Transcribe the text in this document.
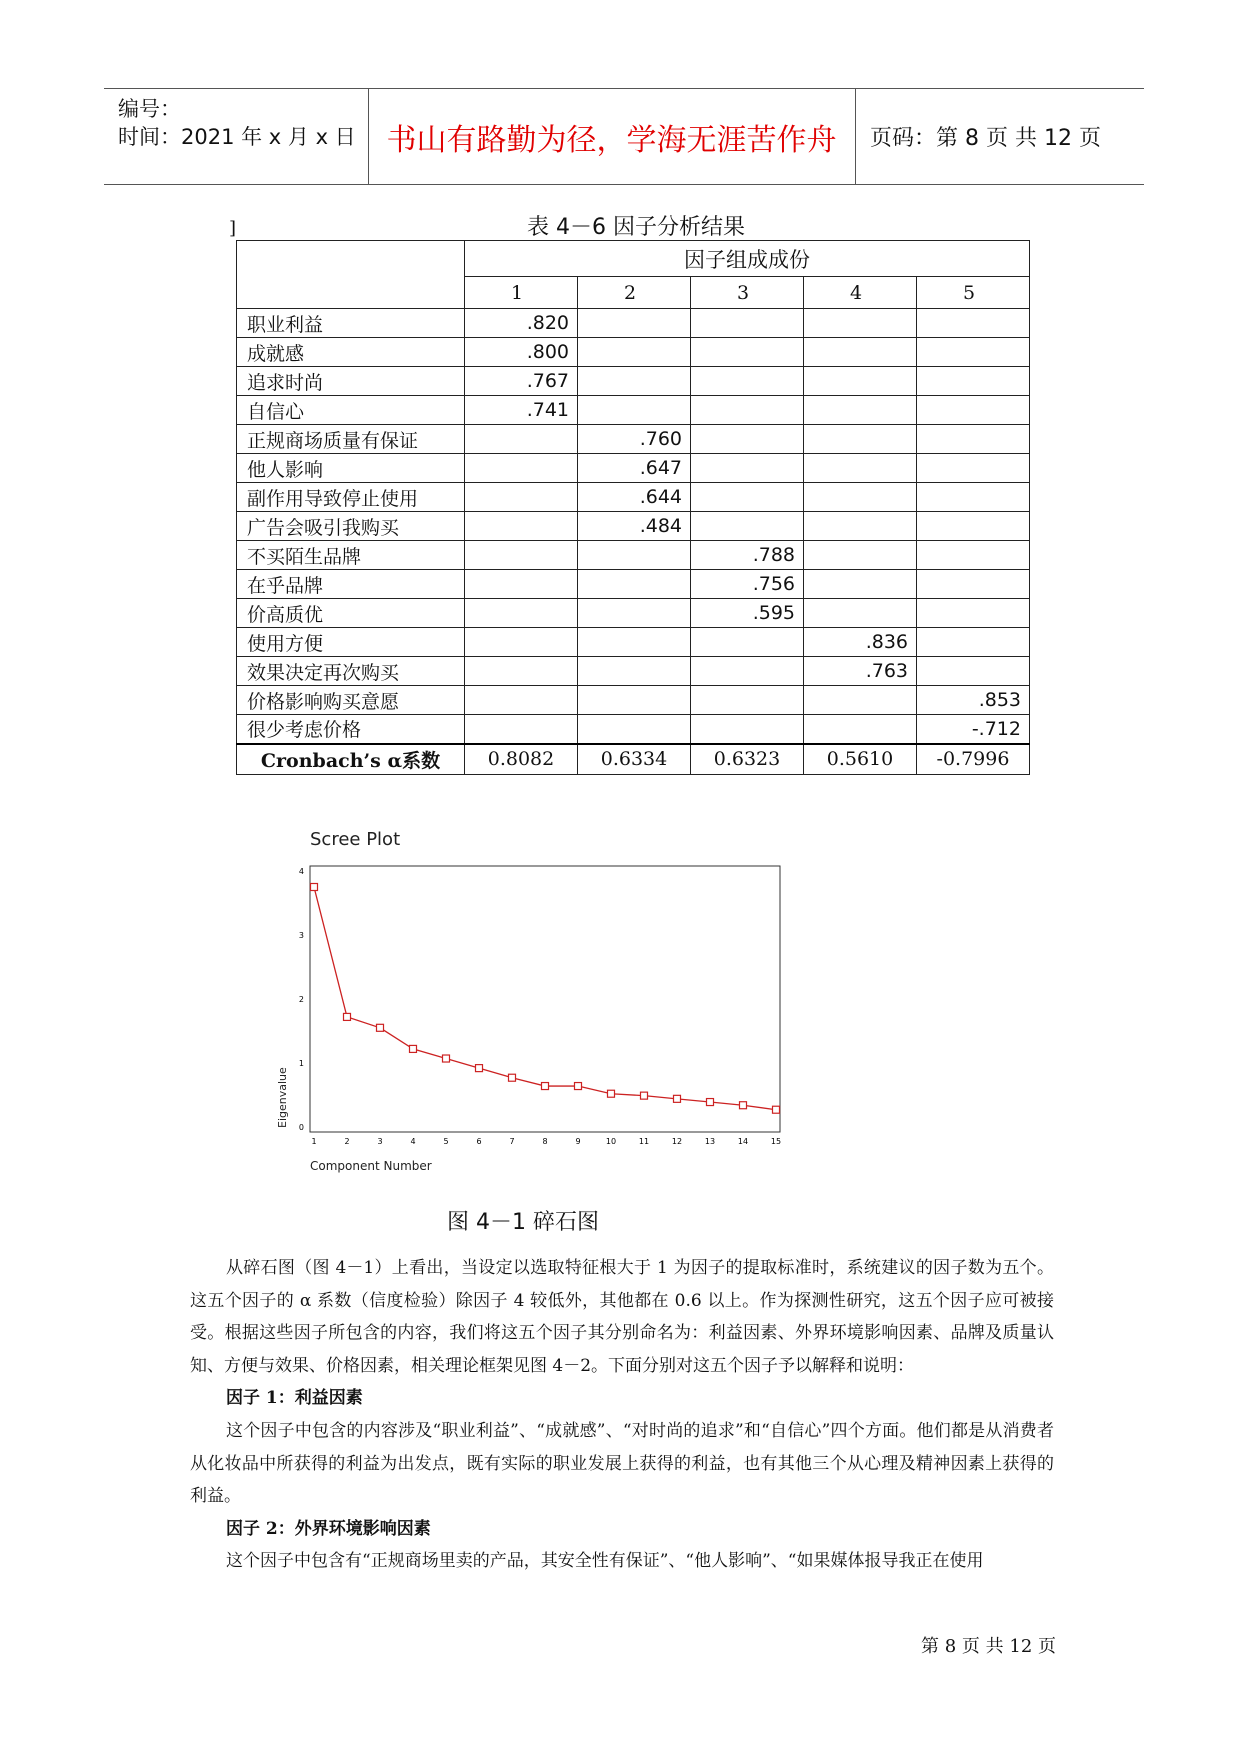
编号：
时间：2021 年 x 月 x 日	书山有路勤为径，学海无涯苦作舟	页码：第 8 页 共 12 页
]	表 4－6 因子分析结果
	因子组成成份				
	1	2	3	4	5
职业利益	.820				
成就感	.800				
追求时尚	.767				
自信心	.741				
正规商场质量有保证		.760			
他人影响		.647			
副作用导致停止使用		.644			
广告会吸引我购买		.484			
不买陌生品牌			.788		
在乎品牌			.756		
价高质优			.595		
使用方便				.836	
效果决定再次购买				.763	
价格影响购买意愿					.853
很少考虑价格					-.712
Cronbach’s α系数	0.8082	0.6334	0.6323	0.5610	-0.7996
Scree Plot
0
1
2
3
4
1	2	3	4	5	6	7	8	9	10	11	12	13	14	15
Eigenvalue
Component Number
图 4－1 碎石图

从碎石图（图 4－1）上看出，当设定以选取特征根大于 1 为因子的提取标准时，系统建议的因子数为五个。这五个因子的 α 系数（信度检验）除因子 4 较低外，其他都在 0.6 以上。作为探测性研究，这五个因子应可被接受。根据这些因子所包含的内容，我们将这五个因子其分别命名为：利益因素、外界环境影响因素、品牌及质量认知、方便与效果、价格因素，相关理论框架见图 4－2。下面分别对这五个因子予以解释和说明：

因子 1：利益因素

这个因子中包含的内容涉及“职业利益”、“成就感”、“对时尚的追求”和“自信心”四个方面。他们都是从消费者从化妆品中所获得的利益为出发点，既有实际的职业发展上获得的利益，也有其他三个从心理及精神因素上获得的利益。

因子 2：外界环境影响因素

这个因子中包含有“正规商场里卖的产品，其安全性有保证”、“他人影响”、“如果媒体报导我正在使用

第 8 页 共 12 页
